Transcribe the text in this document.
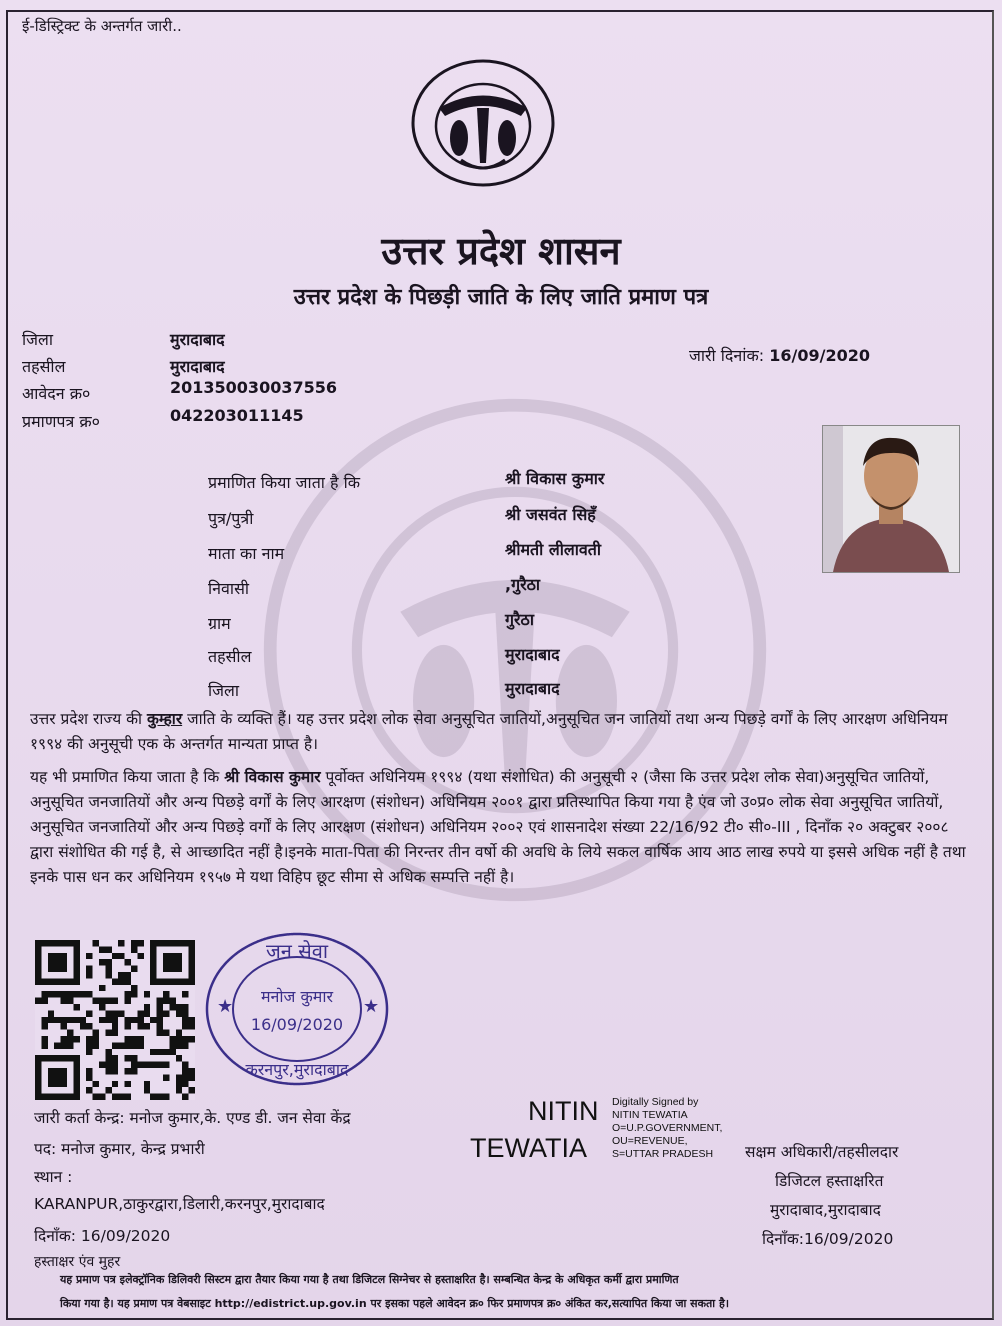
ई-डिस्ट्रिक्ट के अन्तर्गत जारी..
उत्तर प्रदेश शासन
उत्तर प्रदेश के पिछड़ी जाति के लिए जाति प्रमाण पत्र
जिला	मुरादाबाद
तहसील	मुरादाबाद
आवेदन क्र०	201350030037556
प्रमाणपत्र क्र०	042203011145
जारी दिनांक: 16/09/2020
प्रमाणित किया जाता है कि	श्री विकास कुमार
पुत्र/पुत्री	श्री जसवंत सिहँ
माता का नाम	श्रीमती लीलावती
निवासी	,गुरैठा
ग्राम	गुरैठा
तहसील	मुरादाबाद
जिला	मुरादाबाद
उत्तर प्रदेश राज्य की कुम्हार जाति के व्यक्ति हैं। यह उत्तर प्रदेश लोक सेवा अनुसूचित जातियों,अनुसूचित जन जातियों तथा अन्य पिछड़े वर्गों के लिए आरक्षण अधिनियम १९९४ की अनुसूची एक के अन्तर्गत मान्यता प्राप्त है।
यह भी प्रमाणित किया जाता है कि श्री विकास कुमार पूर्वोक्त अधिनियम १९९४ (यथा संशोधित) की अनुसूची २ (जैसा कि उत्तर प्रदेश लोक सेवा)अनुसूचित जातियों, अनुसूचित जनजातियों और अन्य पिछड़े वर्गों के लिए आरक्षण (संशोधन) अधिनियम २००१ द्वारा प्रतिस्थापित किया गया है एंव जो उ०प्र० लोक सेवा अनुसूचित जातियों, अनुसूचित जनजातियों और अन्य पिछड़े वर्गों के लिए आरक्षण (संशोधन) अधिनियम २००२ एवं शासनादेश संख्या 22/16/92 टी० सी०-III , दिनाँक २० अक्टुबर २००८ द्वारा संशोधित की गई है, से आच्छादित नहीं है।इनके माता-पिता की निरन्तर तीन वर्षो की अवधि के लिये सकल वार्षिक आय आठ लाख रुपये या इससे अधिक नहीं है तथा इनके पास धन कर अधिनियम १९५७ मे यथा विहिप छूट सीमा से अधिक सम्पत्ति नहीं है।
जन सेवा
करनपुर,मुरादाबाद
मनोज कुमार
16/09/2020
★	★
जारी कर्ता केन्द्र: मनोज कुमार,के. एण्ड डी. जन सेवा केंद्र
पद: मनोज कुमार, केन्द्र प्रभारी
स्थान :
KARANPUR,ठाकुरद्वारा,डिलारी,करनपुर,मुरादाबाद
दिनाँक: 16/09/2020
हस्ताक्षर एंव मुहर
NITIN
TEWATIA
Digitally Signed by
NITIN TEWATIA
O=U.P.GOVERNMENT,
OU=REVENUE,
S=UTTAR PRADESH	सक्षम अधिकारी/तहसीलदार
डिजिटल हस्ताक्षरित
मुरादाबाद,मुरादाबाद
दिनाँक:16/09/2020
यह प्रमाण पत्र इलेक्ट्रॉनिक डिलिवरी सिस्टम द्वारा तैयार किया गया है तथा डिजिटल सिग्नेचर से हस्ताक्षरित है। सम्बन्धित केन्द्र के अधिकृत कर्मी द्वारा प्रमाणित
किया गया है। यह प्रमाण पत्र वेबसाइट http://edistrict.up.gov.in पर इसका पहले आवेदन क्र० फिर प्रमाणपत्र क्र० अंकित कर,सत्यापित किया जा सकता है।
